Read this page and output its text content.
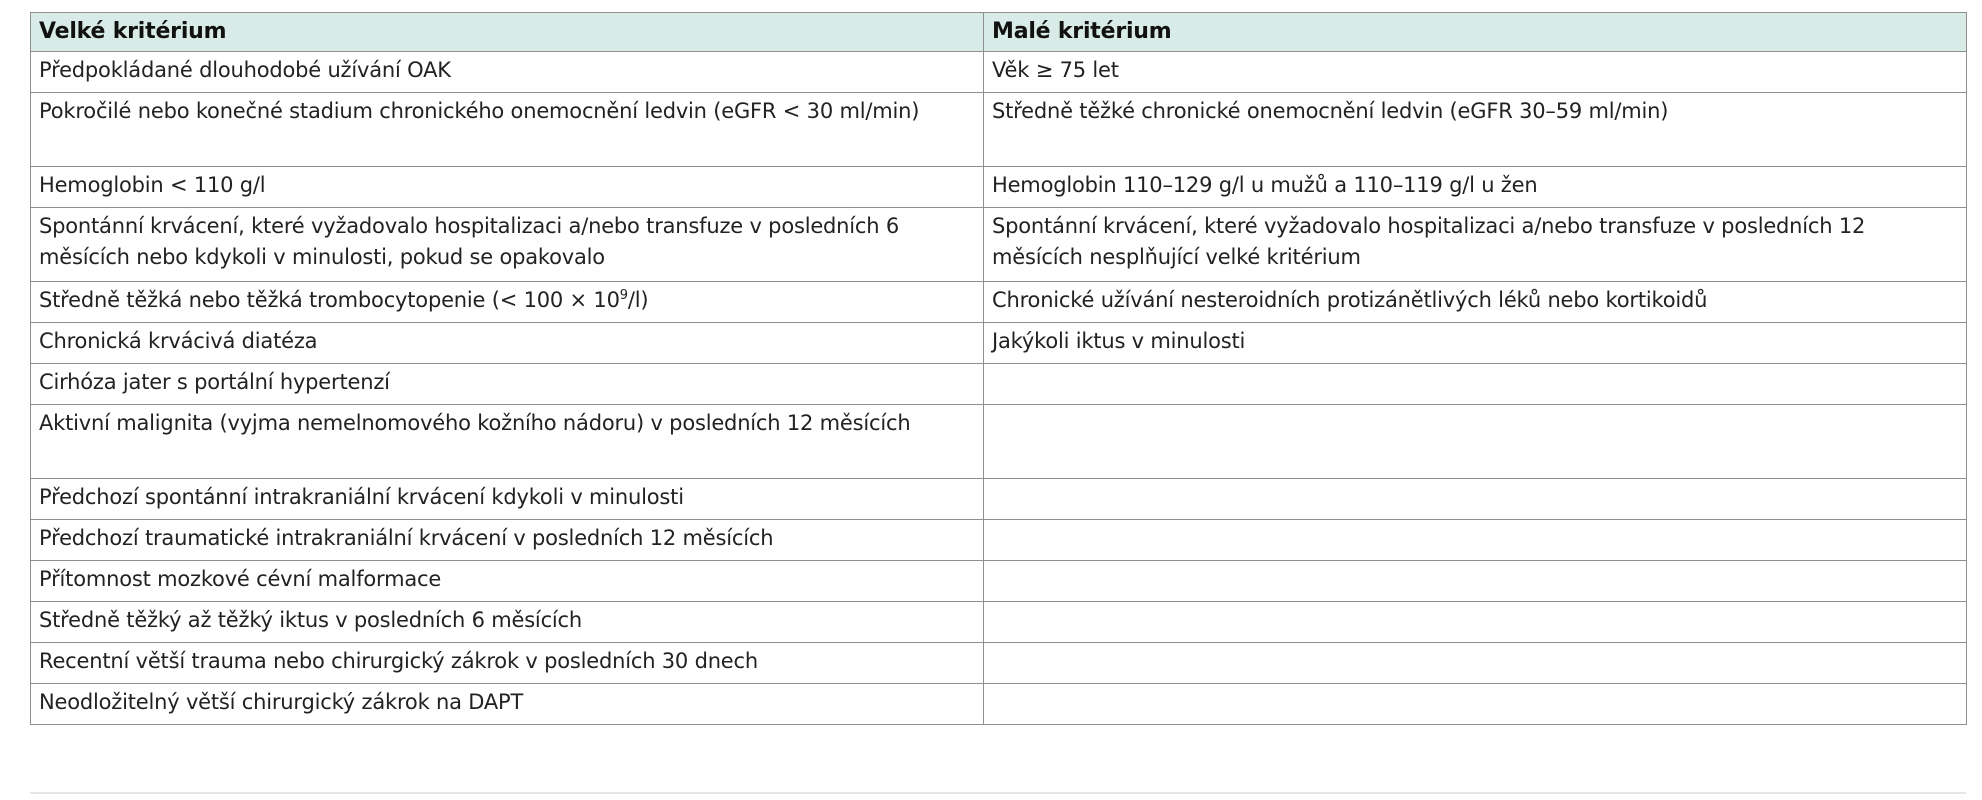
Velké kritérium	Malé kritérium
Předpokládané dlouhodobé užívání OAK	Věk ≥ 75 let
Pokročilé nebo konečné stadium chronického onemocnění ledvin (eGFR < 30 ml/min)	Středně těžké chronické onemocnění ledvin (eGFR 30–59 ml/min)
Hemoglobin < 110 g/l	Hemoglobin 110–129 g/l u mužů a 110–119 g/l u žen
Spontánní krvácení, které vyžadovalo hospitalizaci a/nebo transfuze v posledních 6 měsících nebo kdykoli v minulosti, pokud se opakovalo	Spontánní krvácení, které vyžadovalo hospitalizaci a/nebo transfuze v posledních 12 měsících nesplňující velké kritérium
Středně těžká nebo těžká trombocytopenie (< $100 \times 10^9/l$)	Chronické užívání nesteroidních protizánětlivých léků nebo kortikoidů
Chronická krvácivá diatéza	Jakýkoli iktus v minulosti
Cirhóza jater s portální hypertenzí	
Aktivní malignita (vyjma nemelnomového kožního nádoru) v posledních 12 měsících	
Předchozí spontánní intrakraniální krvácení kdykoli v minulosti	
Předchozí traumatické intrakraniální krvácení v posledních 12 měsících	
Přítomnost mozkové cévní malformace	
Středně těžký až těžký iktus v posledních 6 měsících	
Recentní větší trauma nebo chirurgický zákrok v posledních 30 dnech	
Neodložitelný větší chirurgický zákrok na DAPT	
